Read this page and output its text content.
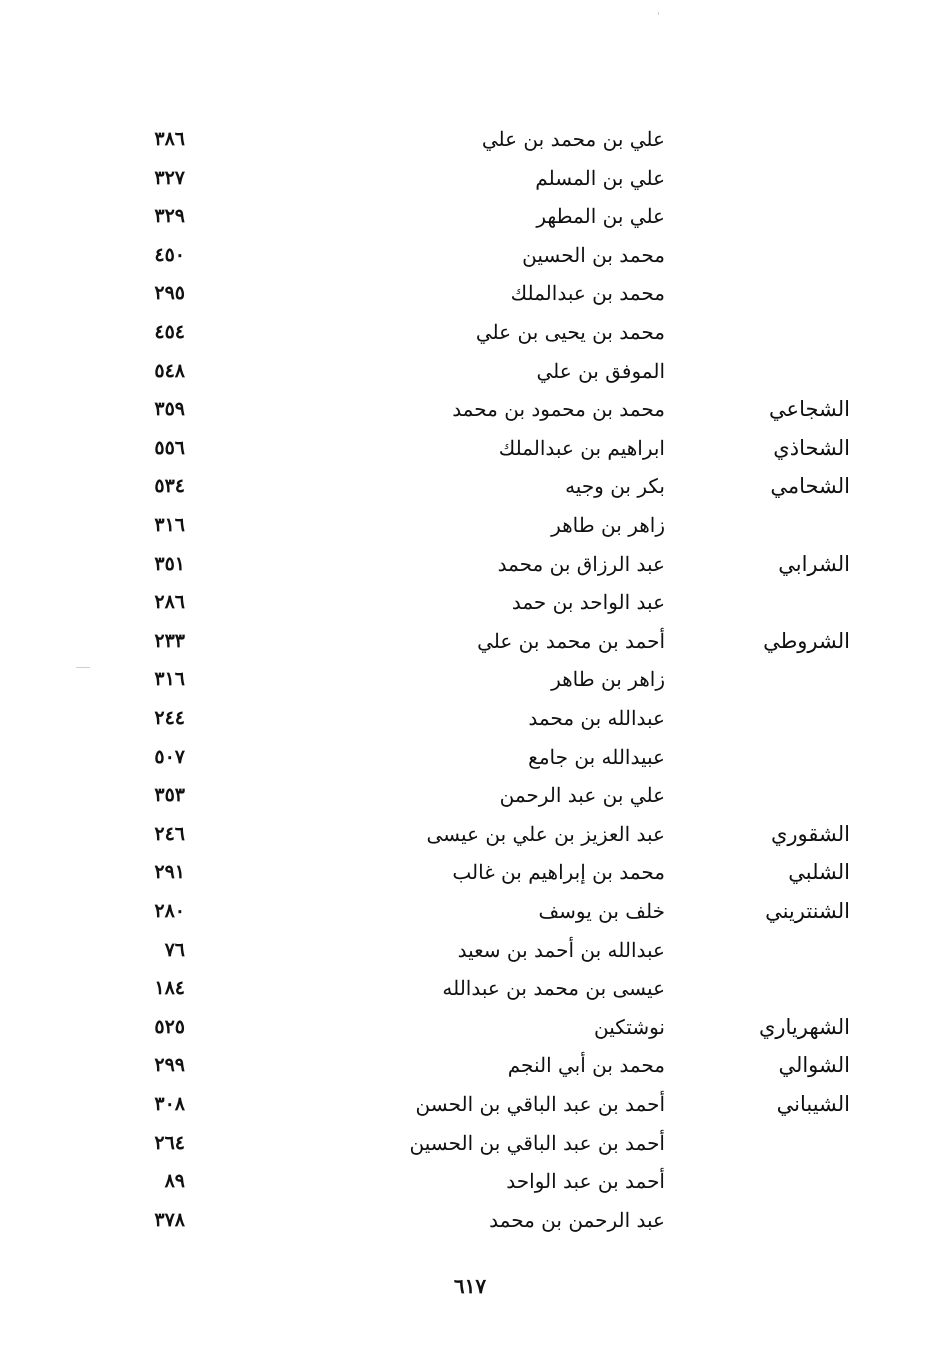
علي بن محمد بن علي
٣٨٦
علي بن المسلم
٣٢٧
علي بن المطهر
٣٢٩
محمد بن الحسين
٤٥٠
محمد بن عبدالملك
٢٩٥
محمد بن يحيى بن علي
٤٥٤
الموفق بن علي
٥٤٨
الشجاعي
محمد بن محمود بن محمد
٣٥٩
الشحاذي
ابراهيم بن عبدالملك
٥٥٦
الشحامي
بكر بن وجيه
٥٣٤
زاهر بن طاهر
٣١٦
الشرابي
عبد الرزاق بن محمد
٣٥١
عبد الواحد بن حمد
٢٨٦
الشروطي
أحمد بن محمد بن علي
٢٣٣
زاهر بن طاهر
٣١٦
عبدالله بن محمد
٢٤٤
عبيدالله بن جامع
٥٠٧
علي بن عبد الرحمن
٣٥٣
الشقوري
عبد العزيز بن علي بن عيسى
٢٤٦
الشلبي
محمد بن إبراهيم بن غالب
٢٩١
الشنتريني
خلف بن يوسف
٢٨٠
عبدالله بن أحمد بن سعيد
٧٦
عيسى بن محمد بن عبدالله
١٨٤
الشهرياري
نوشتكين
٥٢٥
الشوالي
محمد بن أبي النجم
٢٩٩
الشيباني
أحمد بن عبد الباقي بن الحسن
٣٠٨
أحمد بن عبد الباقي بن الحسين
٢٦٤
أحمد بن عبد الواحد
٨٩
عبد الرحمن بن محمد
٣٧٨
٦١٧
